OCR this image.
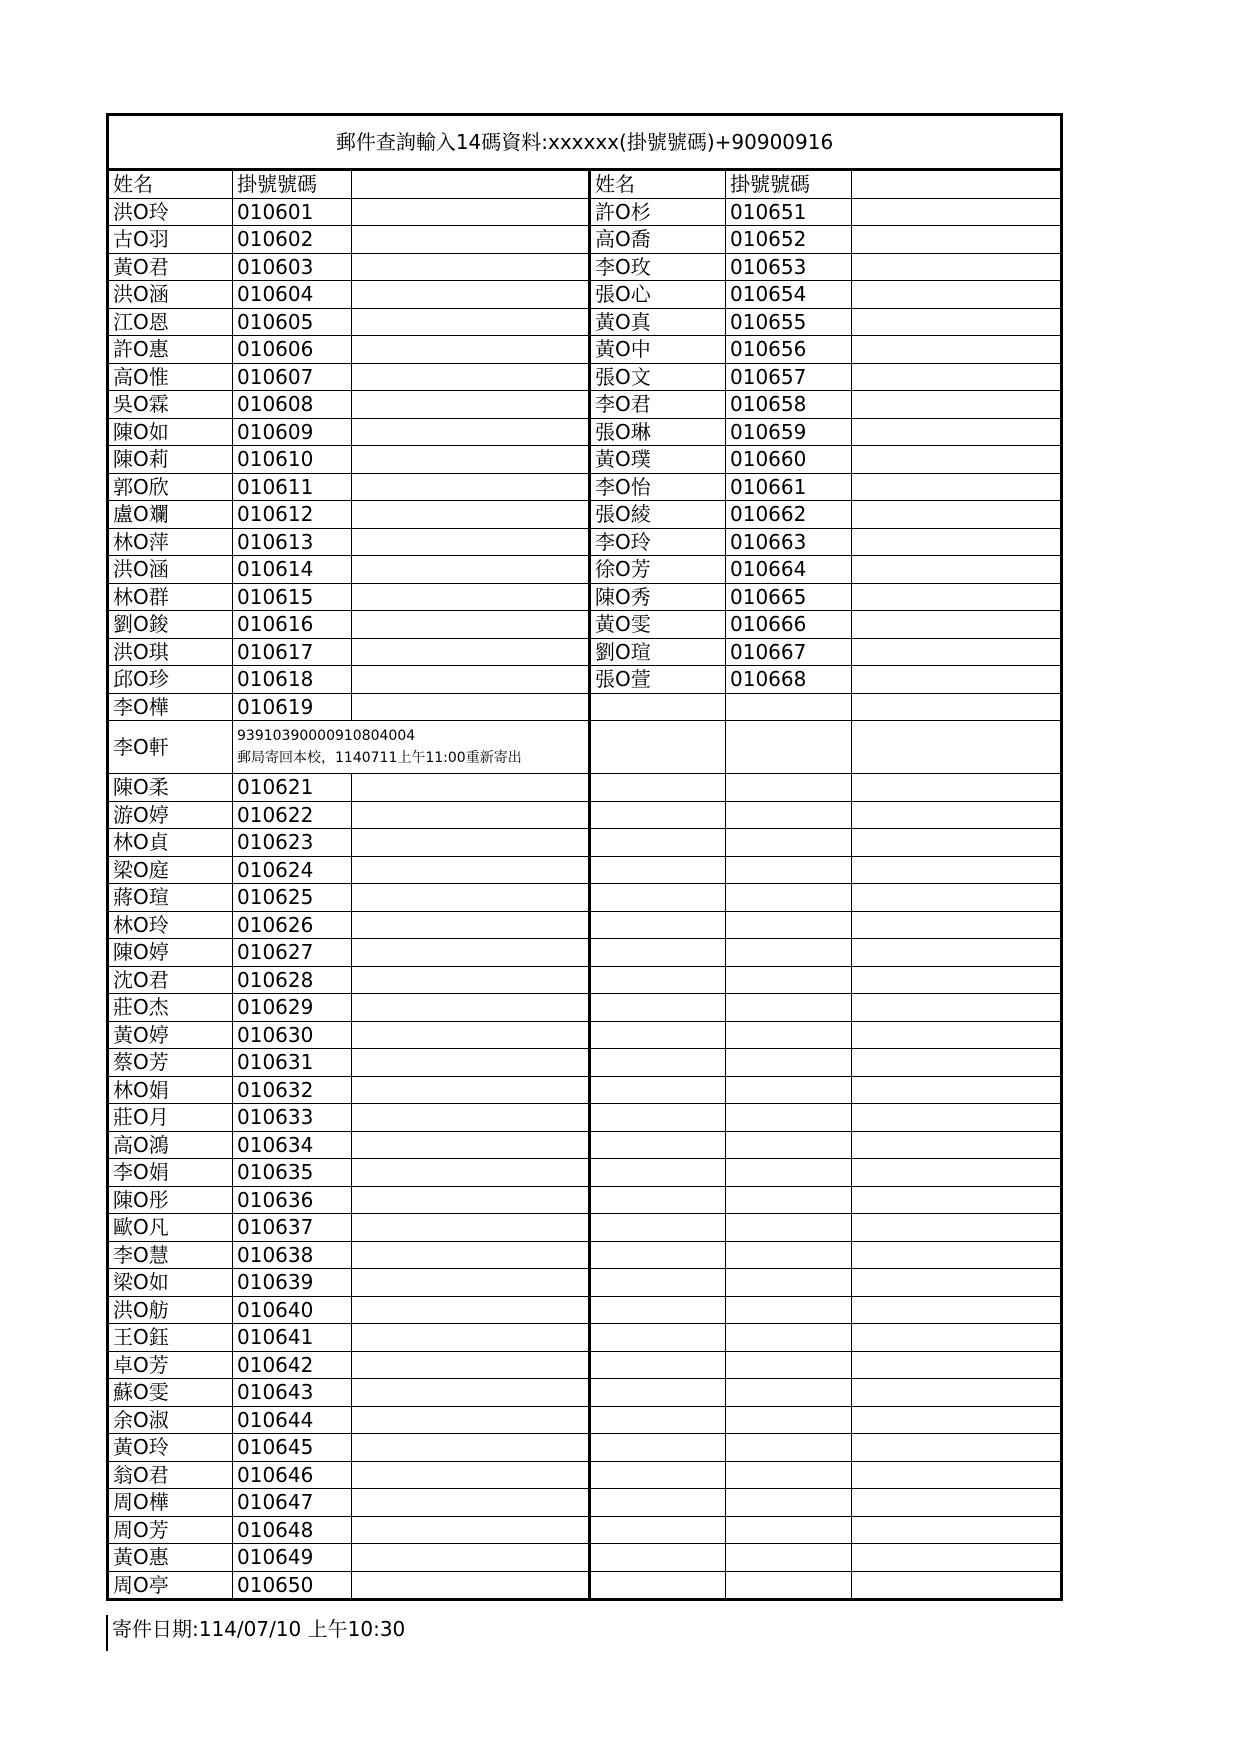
郵件查詢輸入14碼資料:xxxxxx(掛號號碼)+90900916					
姓名	掛號號碼		姓名	掛號號碼	
洪O玲	010601		許O杉	010651	
古O羽	010602		高O喬	010652	
黃O君	010603		李O玫	010653	
洪O涵	010604		張O心	010654	
江O恩	010605		黃O真	010655	
許O惠	010606		黃O中	010656	
高O惟	010607		張O文	010657	
吳O霖	010608		李O君	010658	
陳O如	010609		張O琳	010659	
陳O莉	010610		黃O璞	010660	
郭O欣	010611		李O怡	010661	
盧O斕	010612		張O綾	010662	
林O萍	010613		李O玲	010663	
洪O涵	010614		徐O芳	010664	
林O群	010615		陳O秀	010665	
劉O鋑	010616		黃O雯	010666	
洪O琪	010617		劉O瑄	010667	
邱O珍	010618		張O萱	010668	
李O樺	010619				
李O軒	93910390000910804004
郵局寄回本校，1140711上午11:00重新寄出				

陳O柔	010621				
游O婷	010622				
林O貞	010623				
梁O庭	010624				
蔣O瑄	010625				
林O玲	010626				
陳O婷	010627				
沈O君	010628				
莊O杰	010629				
黃O婷	010630				
蔡O芳	010631				
林O娟	010632				
莊O月	010633				
高O鴻	010634				
李O娟	010635				
陳O彤	010636				
歐O凡	010637				
李O慧	010638				
梁O如	010639				
洪O舫	010640				
王O鈺	010641				
卓O芳	010642				
蘇O雯	010643				
余O淑	010644				
黃O玲	010645				
翁O君	010646				
周O樺	010647				
周O芳	010648				
黃O惠	010649				
周O亭	010650				
寄件日期:114/07/10 上午10:30
